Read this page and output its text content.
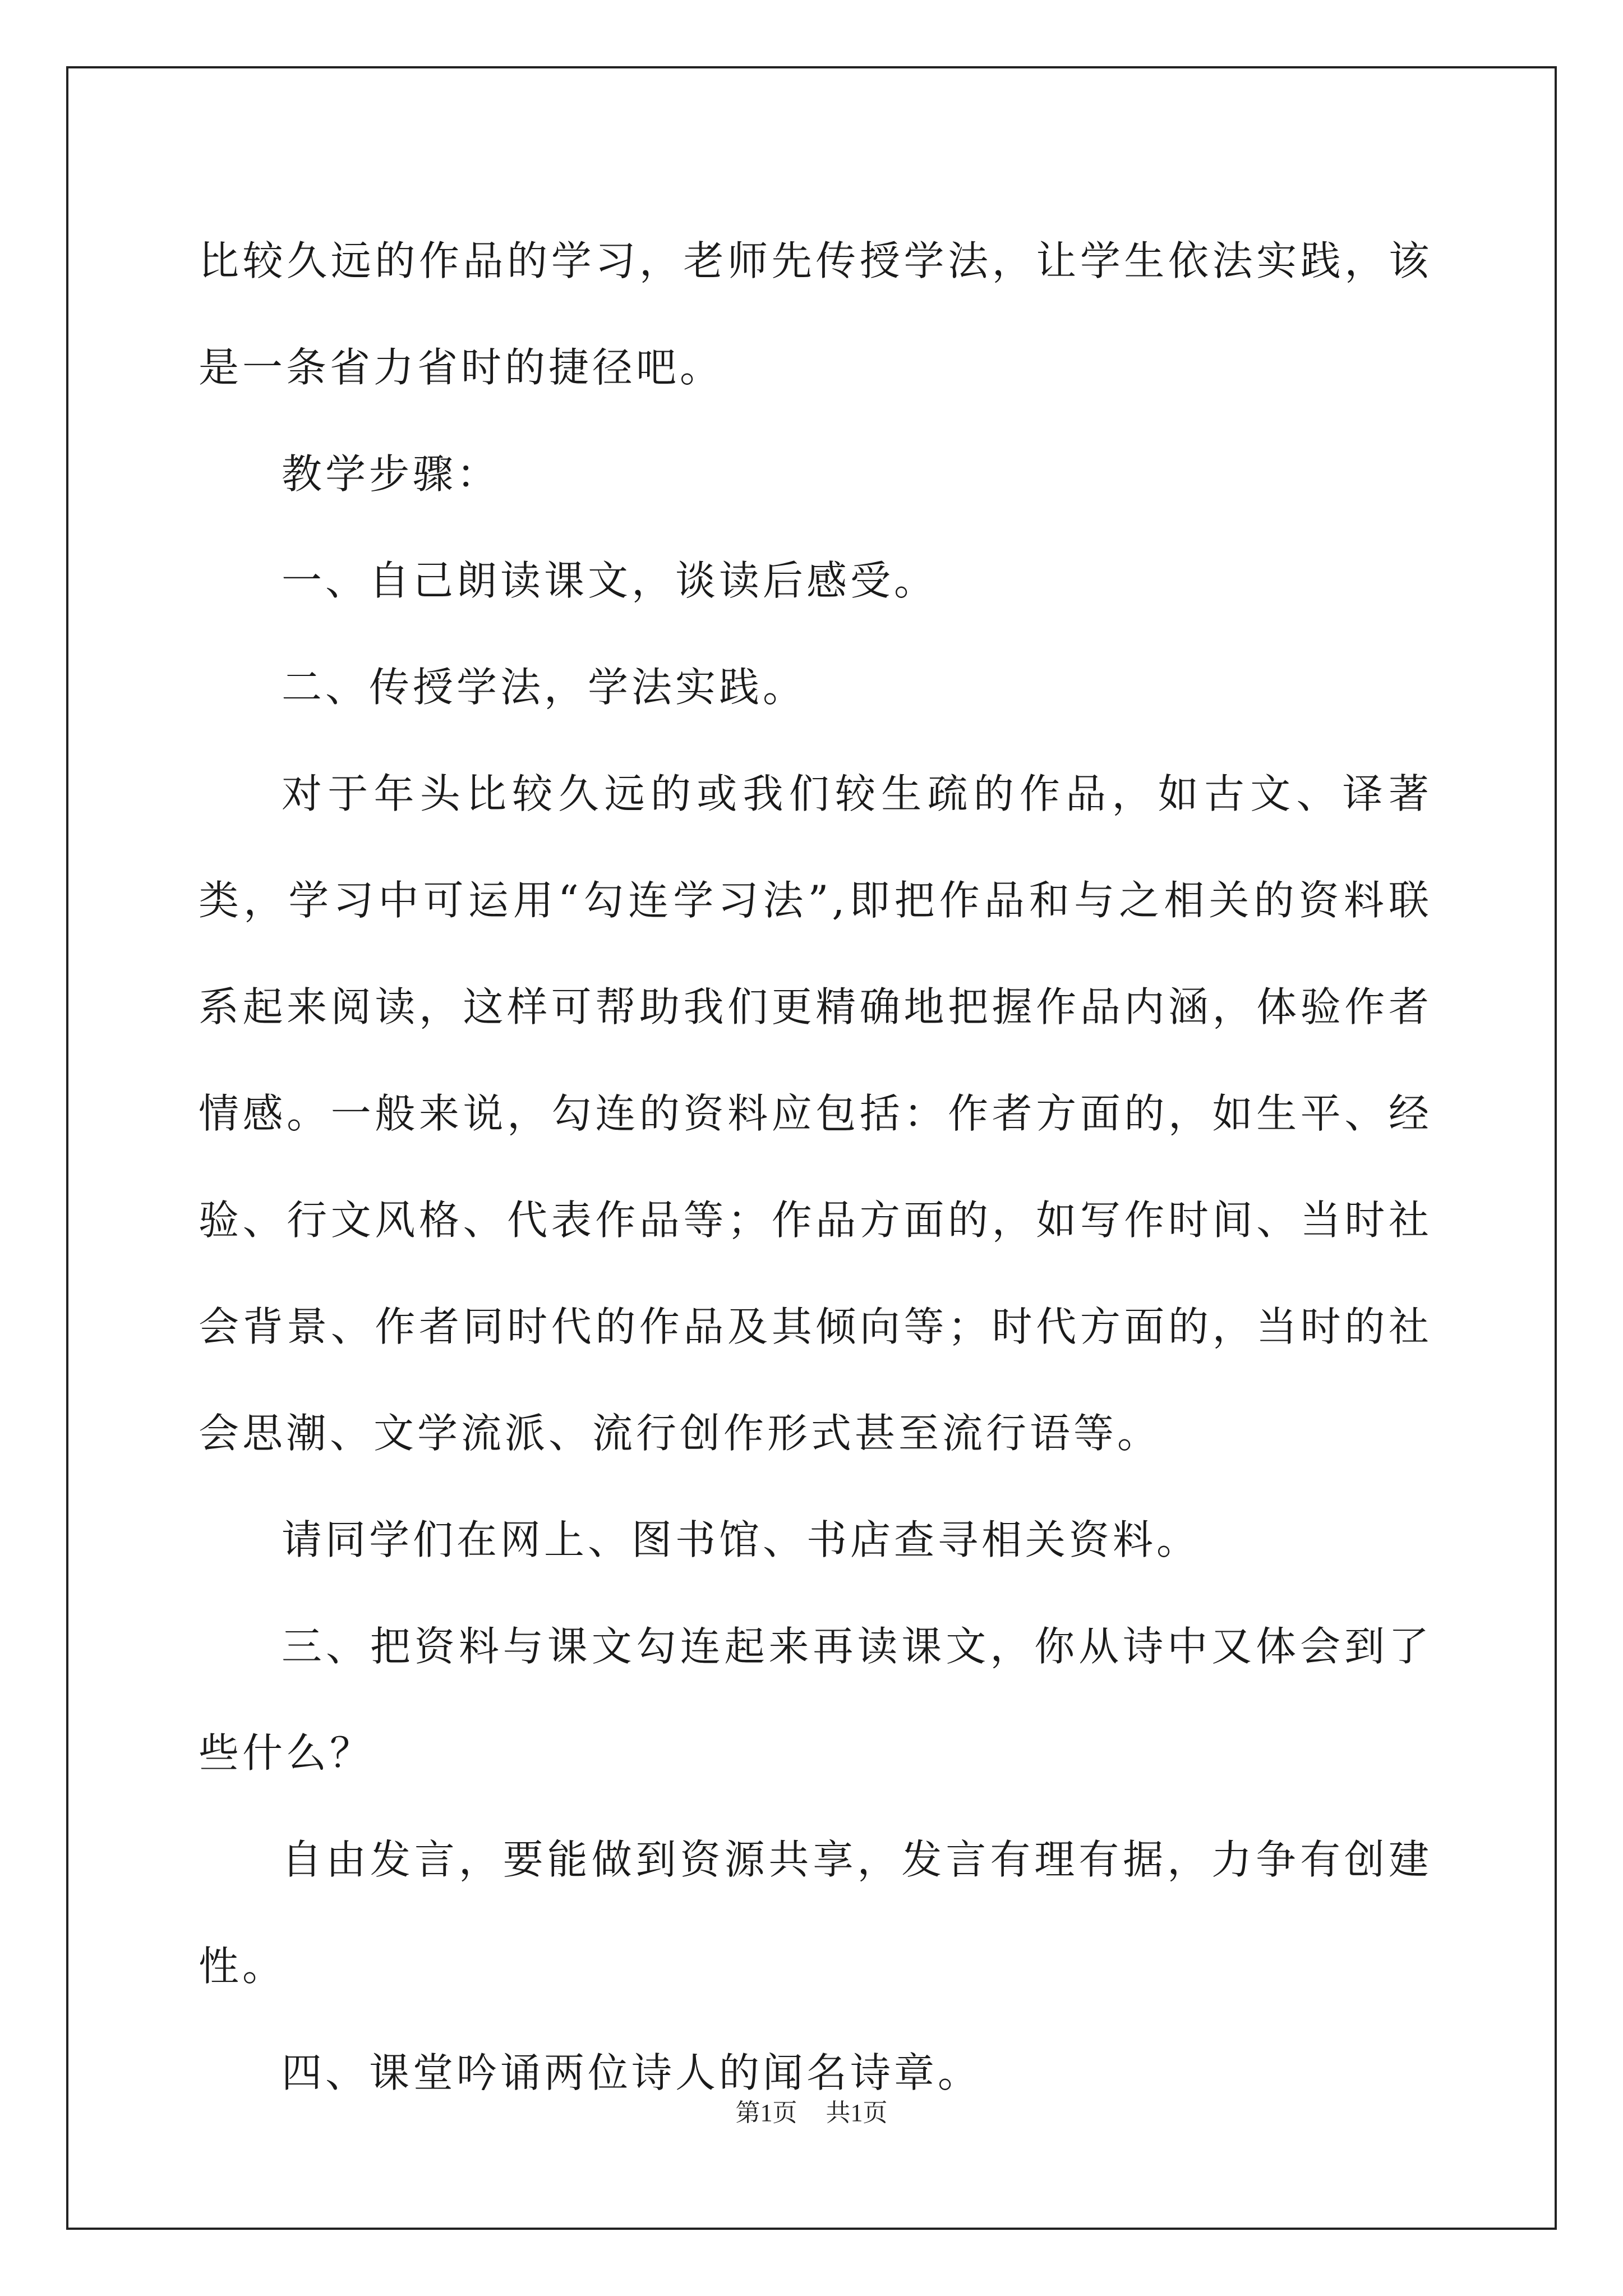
比较久远的作品的学习，老师先传授学法，让学生依法实践，该是一条省力省时的捷径吧。

教学步骤：

一、自己朗读课文，谈读后感受。

二、传授学法，学法实践。

对于年头比较久远的或我们较生疏的作品，如古文、译著类，学习中可运用“勾连学习法”,即把作品和与之相关的资料联系起来阅读，这样可帮助我们更精确地把握作品内涵，体验作者情感。一般来说，勾连的资料应包括：作者方面的，如生平、经验、行文风格、代表作品等；作品方面的，如写作时间、当时社会背景、作者同时代的作品及其倾向等；时代方面的，当时的社会思潮、文学流派、流行创作形式甚至流行语等。

请同学们在网上、图书馆、书店查寻相关资料。

三、把资料与课文勾连起来再读课文，你从诗中又体会到了些什么？

自由发言，要能做到资源共享，发言有理有据，力争有创建性。

四、课堂吟诵两位诗人的闻名诗章。

第1页 共1页
